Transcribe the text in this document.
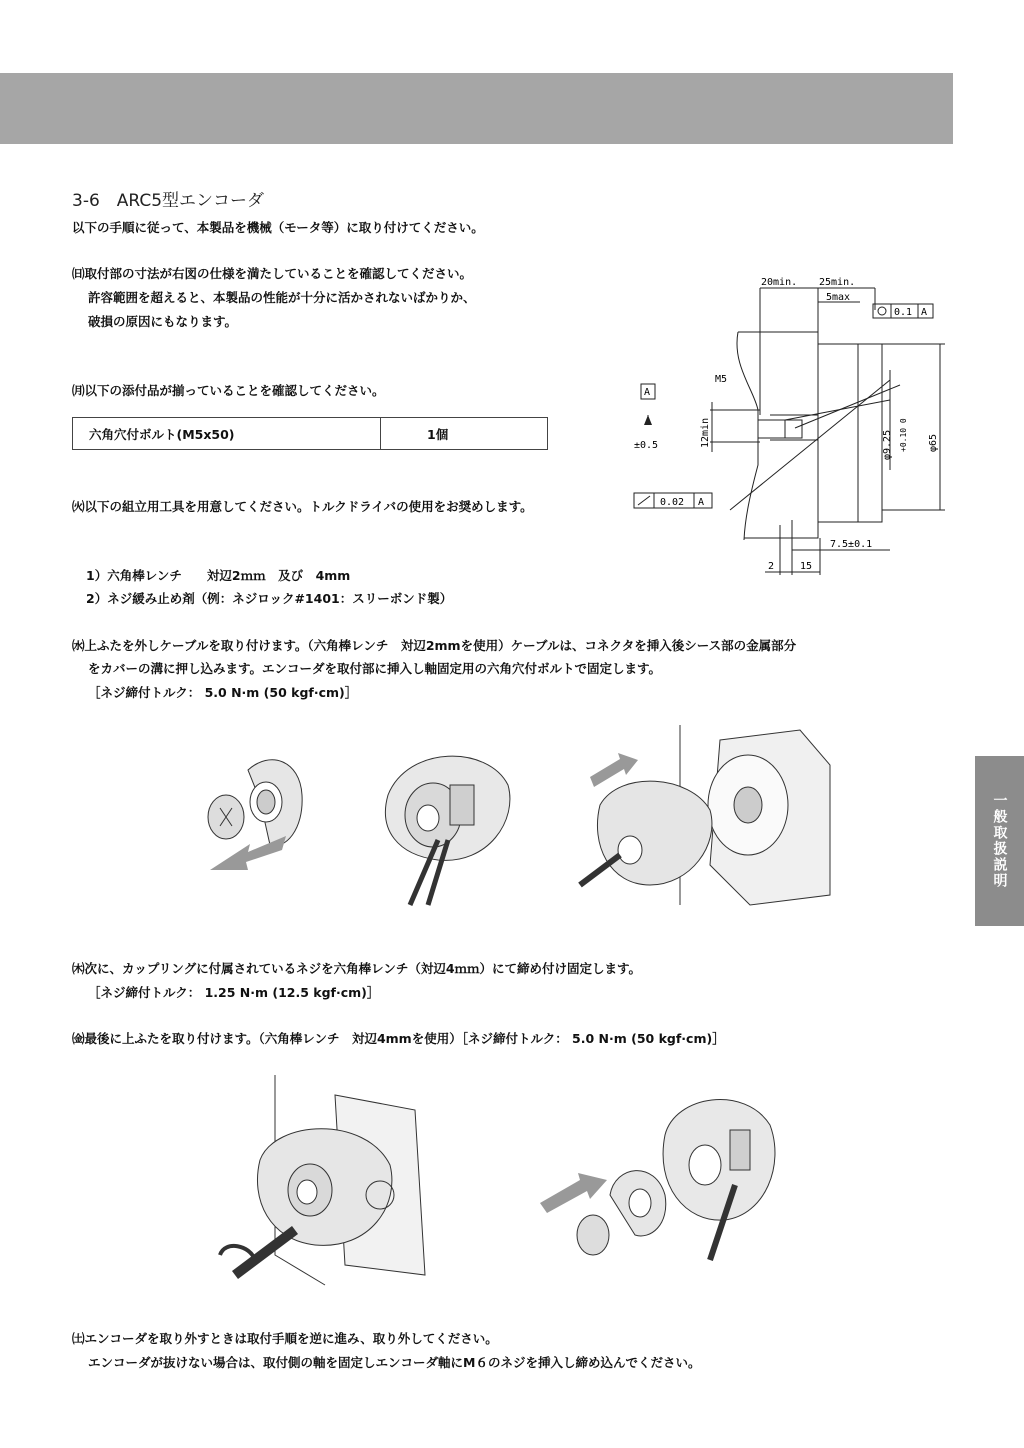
一般取扱説明
3-6　 ARC5型エンコーダ

以下の手順に従って、本製品を機械（モータ等）に取り付けてください。

㈰取付部の寸法が右図の仕様を満たしていることを確認してください。

許容範囲を超えると、本製品の性能が十分に活かされないばかりか、

破損の原因にもなります。

㈪以下の添付品が揃っていることを確認してください。

六角穴付ボルト(M5x50)	1個

㈫以下の組立用工具を用意してください。トルクドライバの使用をお奨めします。

1）六角棒レンチ　　対辺2ｍｍ　及び　4mm

2）ネジ緩み止め剤（例：ネジロック#1401：スリーボンド製）

㈬上ふたを外しケーブルを取り付けます。（六角棒レンチ　対辺2mmを使用）ケーブルは、コネクタを挿入後シース部の金属部分

をカバーの溝に押し込みます。エンコーダを取付部に挿入し軸固定用の六角穴付ボルトで固定します。

［ネジ締付トルク： 5.0 N·m (50 kgf·cm)］

㈭次に、カップリングに付属されているネジを六角棒レンチ（対辺4ｍｍ）にて締め付け固定します。

［ネジ締付トルク： 1.25 N·m (12.5 kgf·cm)］

㈮最後に上ふたを取り付けます。（六角棒レンチ　対辺4mmを使用）［ネジ締付トルク： 5.0 N·m (50 kgf·cm)］

㈯エンコーダを取り外すときは取付手順を逆に進み、取り外してください。

エンコーダが抜けない場合は、取付側の軸を固定しエンコーダ軸にM６のネジを挿入し締め込んでください。

20min. 25min.
5max
0.1 A
M5
A
±0.5	12min	φ9.25 +0.10 0 φ65
0.02 A
7.5±0.1
2	15
